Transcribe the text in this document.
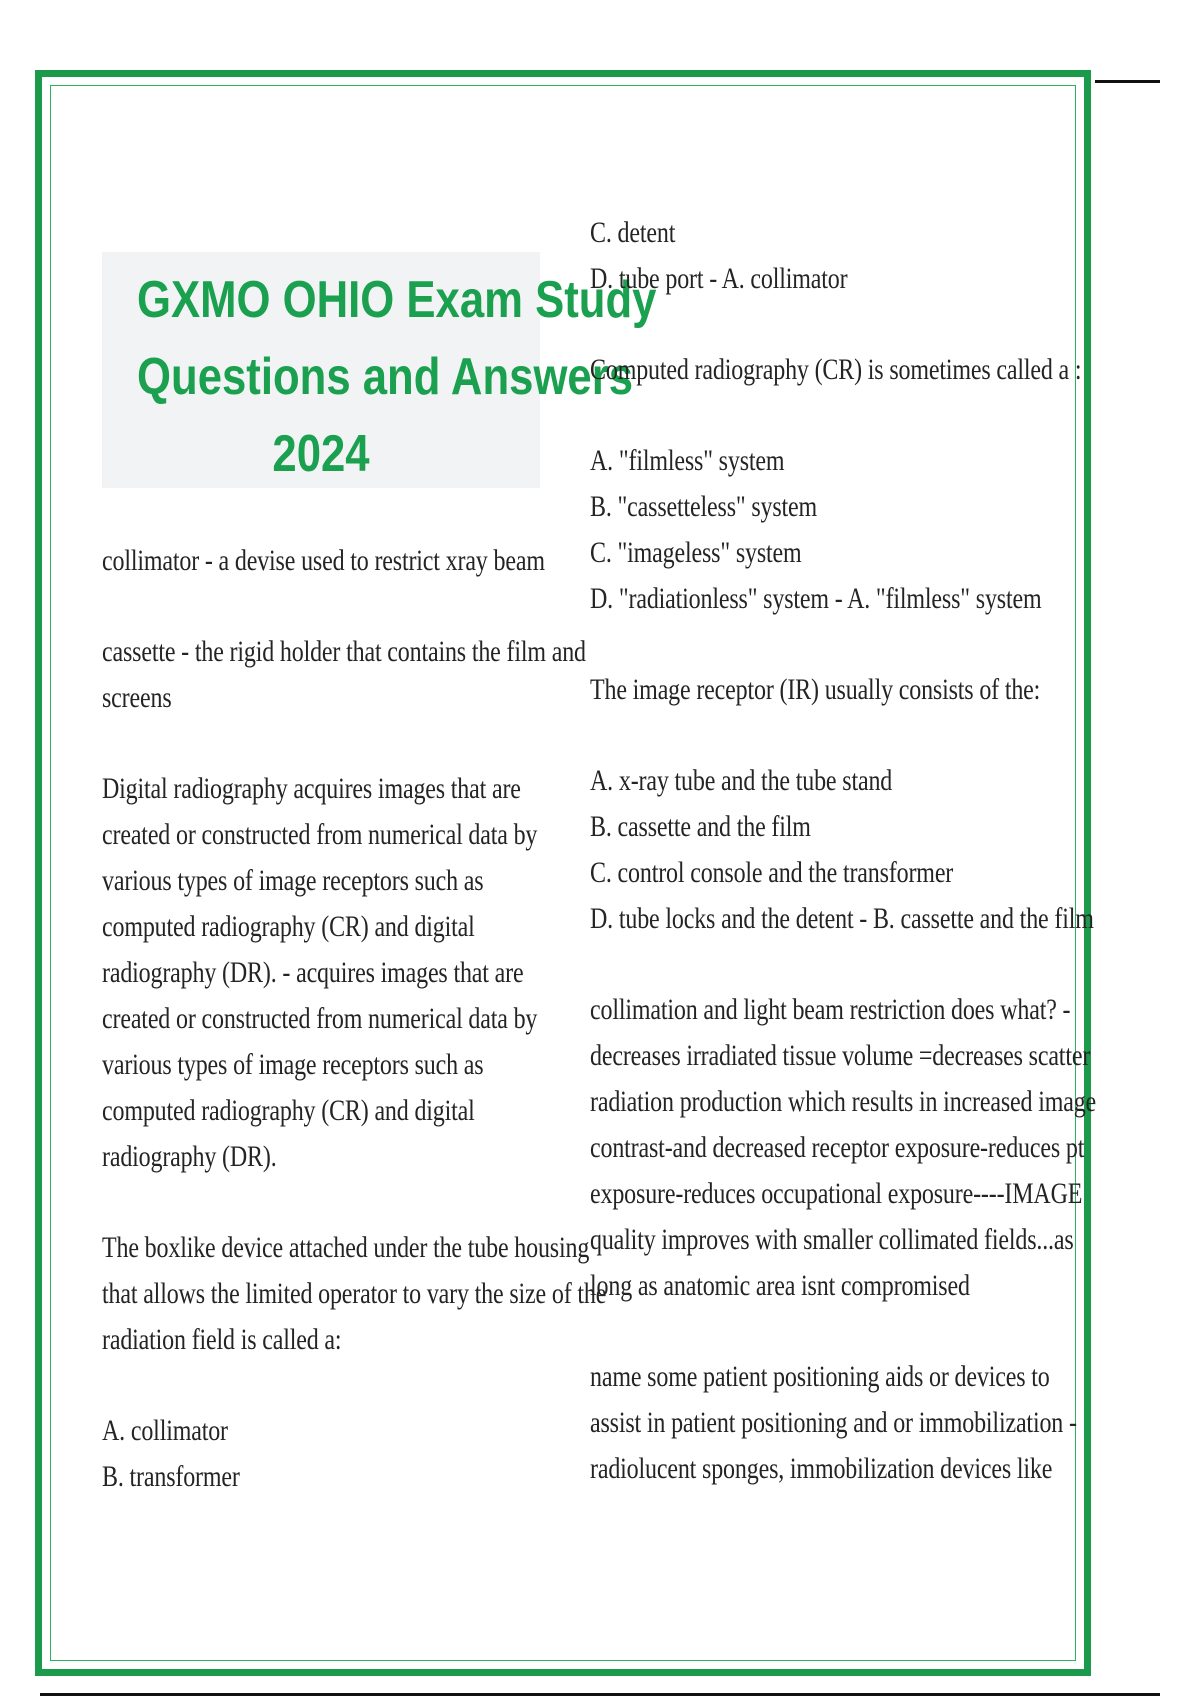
GXMO OHIO Exam Study
Questions and Answers
2024
collimator - a devise used to restrict xray beam
cassette - the rigid holder that contains the film and
screens
Digital radiography acquires images that are
created or constructed from numerical data by
various types of image receptors such as
computed radiography (CR) and digital
radiography (DR). - acquires images that are
created or constructed from numerical data by
various types of image receptors such as
computed radiography (CR) and digital
radiography (DR).
The boxlike device attached under the tube housing
that allows the limited operator to vary the size of the
radiation field is called a:
A. collimator
B. transformer
C. detent
D. tube port - A. collimator
Computed radiography (CR) is sometimes called a :
A. "filmless" system
B. "cassetteless" system
C. "imageless" system
D. "radiationless" system - A. "filmless" system
The image receptor (IR) usually consists of the:
A. x-ray tube and the tube stand
B. cassette and the film
C. control console and the transformer
D. tube locks and the detent - B. cassette and the film
collimation and light beam restriction does what? -
decreases irradiated tissue volume =decreases scatter
radiation production which results in increased image
contrast-and decreased receptor exposure-reduces pt
exposure-reduces occupational exposure----IMAGE
quality improves with smaller collimated fields...as
long as anatomic area isnt compromised
name some patient positioning aids or devices to
assist in patient positioning and or immobilization -
radiolucent sponges, immobilization devices like
